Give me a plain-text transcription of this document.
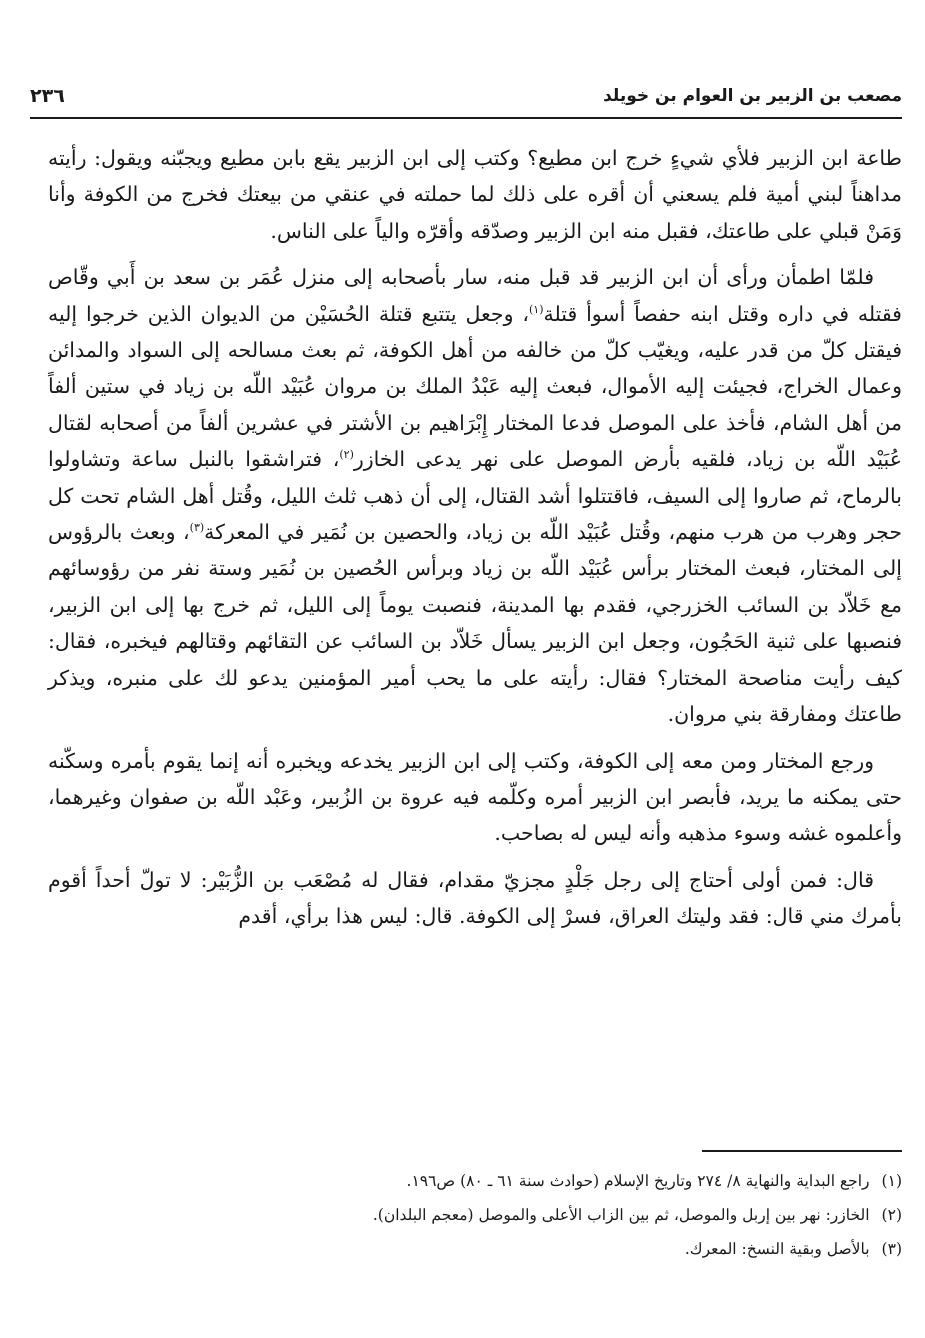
مصعب بن الزبير بن العوام بن خويلد
٢٣٦

طاعة ابن الزبير فلأي شيءٍ خرج ابن مطيع؟ وكتب إلى ابن الزبير يقع بابن مطيع ويجبّنه ويقول: رأيته مداهناً لبني أمية فلم يسعني أن أقره على ذلك لما حملته في عنقي من بيعتك فخرج من الكوفة وأنا وَمَنْ قبلي على طاعتك، فقبل منه ابن الزبير وصدّقه وأقرّه والياً على الناس.

فلمّا اطمأن ورأى أن ابن الزبير قد قبل منه، سار بأصحابه إلى منزل عُمَر بن سعد بن أَبي وقّاص فقتله في داره وقتل ابنه حفصاً أسوأ قتلة$^{(١)}$، وجعل يتتبع قتلة الحُسَيْن من الديوان الذين خرجوا إليه فيقتل كلّ من قدر عليه، ويغيّب كلّ من خالفه من أهل الكوفة، ثم بعث مسالحه إلى السواد والمدائن وعمال الخراج، فجيئت إليه الأموال، فبعث إليه عَبْدُ الملك بن مروان عُبَيْد اللّه بن زياد في ستين ألفاً من أهل الشام، فأخذ على الموصل فدعا المختار إِبْرَاهيم بن الأشتر في عشرين ألفاً من أصحابه لقتال عُبَيْد اللّه بن زياد، فلقيه بأرض الموصل على نهر يدعى الخازر$^{(٢)}$، فتراشقوا بالنبل ساعة وتشاولوا بالرماح، ثم صاروا إلى السيف، فاقتتلوا أشد القتال، إلى أن ذهب ثلث الليل، وقُتل أهل الشام تحت كل حجر وهرب من هرب منهم، وقُتل عُبَيْد اللّه بن زياد، والحصين بن نُمَير في المعركة$^{(٣)}$، وبعث بالرؤوس إلى المختار، فبعث المختار برأس عُبَيْد اللّه بن زياد وبرأس الحُصين بن نُمَير وستة نفر من رؤوسائهم مع خَلاّد بن السائب الخزرجي، فقدم بها المدينة، فنصبت يوماً إلى الليل، ثم خرج بها إلى ابن الزبير، فنصبها على ثنية الحَجُون، وجعل ابن الزبير يسأل خَلاّد بن السائب عن التقائهم وقتالهم فيخبره، فقال: كيف رأيت مناصحة المختار؟ فقال: رأيته على ما يحب أمير المؤمنين يدعو لك على منبره، ويذكر طاعتك ومفارقة بني مروان.

ورجع المختار ومن معه إلى الكوفة، وكتب إلى ابن الزبير يخدعه ويخبره أنه إنما يقوم بأمره وسكّنه حتى يمكنه ما يريد، فأبصر ابن الزبير أمره وكلّمه فيه عروة بن الزُبير، وعَبْد اللّه بن صفوان وغيرهما، وأعلموه غشه وسوء مذهبه وأنه ليس له بصاحب.

قال: فمن أولى أحتاج إلى رجل جَلْدٍ مجزيّ مقدام، فقال له مُصْعَب بن الزُّبَيْر: لا تولّ أحداً أقوم بأمرك مني قال: فقد وليتك العراق، فسرْ إلى الكوفة. قال: ليس هذا برأي، أقدم

(١)
راجع البداية والنهاية ٨/ ٢٧٤ وتاريخ الإسلام (حوادث سنة ٦١ ـ ٨٠) ص١٩٦.
(٢)
الخازر: نهر بين إربل والموصل، ثم بين الزاب الأعلى والموصل (معجم البلدان).
(٣)
بالأصل وبقية النسخ: المعرك.
